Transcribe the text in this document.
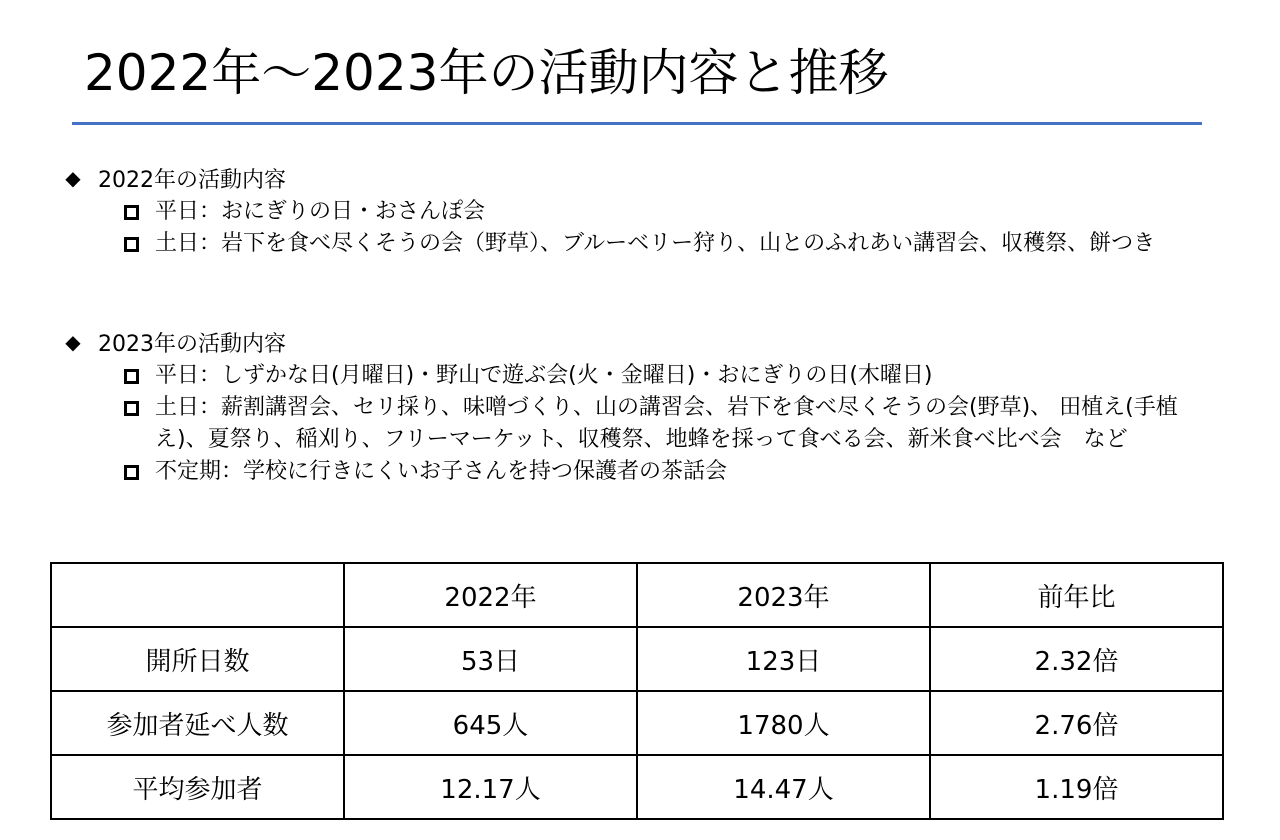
2022年～2023年の活動内容と推移
◆ 2022年の活動内容
平日：おにぎりの日・おさんぽ会
土日：岩下を食べ尽くそうの会（野草）、ブルーベリー狩り、山とのふれあい講習会、収穫祭、餅つき
◆ 2023年の活動内容
平日：しずかな日(月曜日)・野山で遊ぶ会(火・金曜日)・おにぎりの日(木曜日)
土日：薪割講習会、セリ採り、味噌づくり、山の講習会、岩下を食べ尽くそうの会(野草)、 田植え(手植え)、夏祭り、稲刈り、フリーマーケット、収穫祭、地蜂を採って食べる会、新米食べ比べ会　など
不定期：学校に行きにくいお子さんを持つ保護者の茶話会
	2022年	2023年	前年比
開所日数	53日	123日	2.32倍
参加者延べ人数	645人	1780人	2.76倍
平均参加者	12.17人	14.47人	1.19倍
